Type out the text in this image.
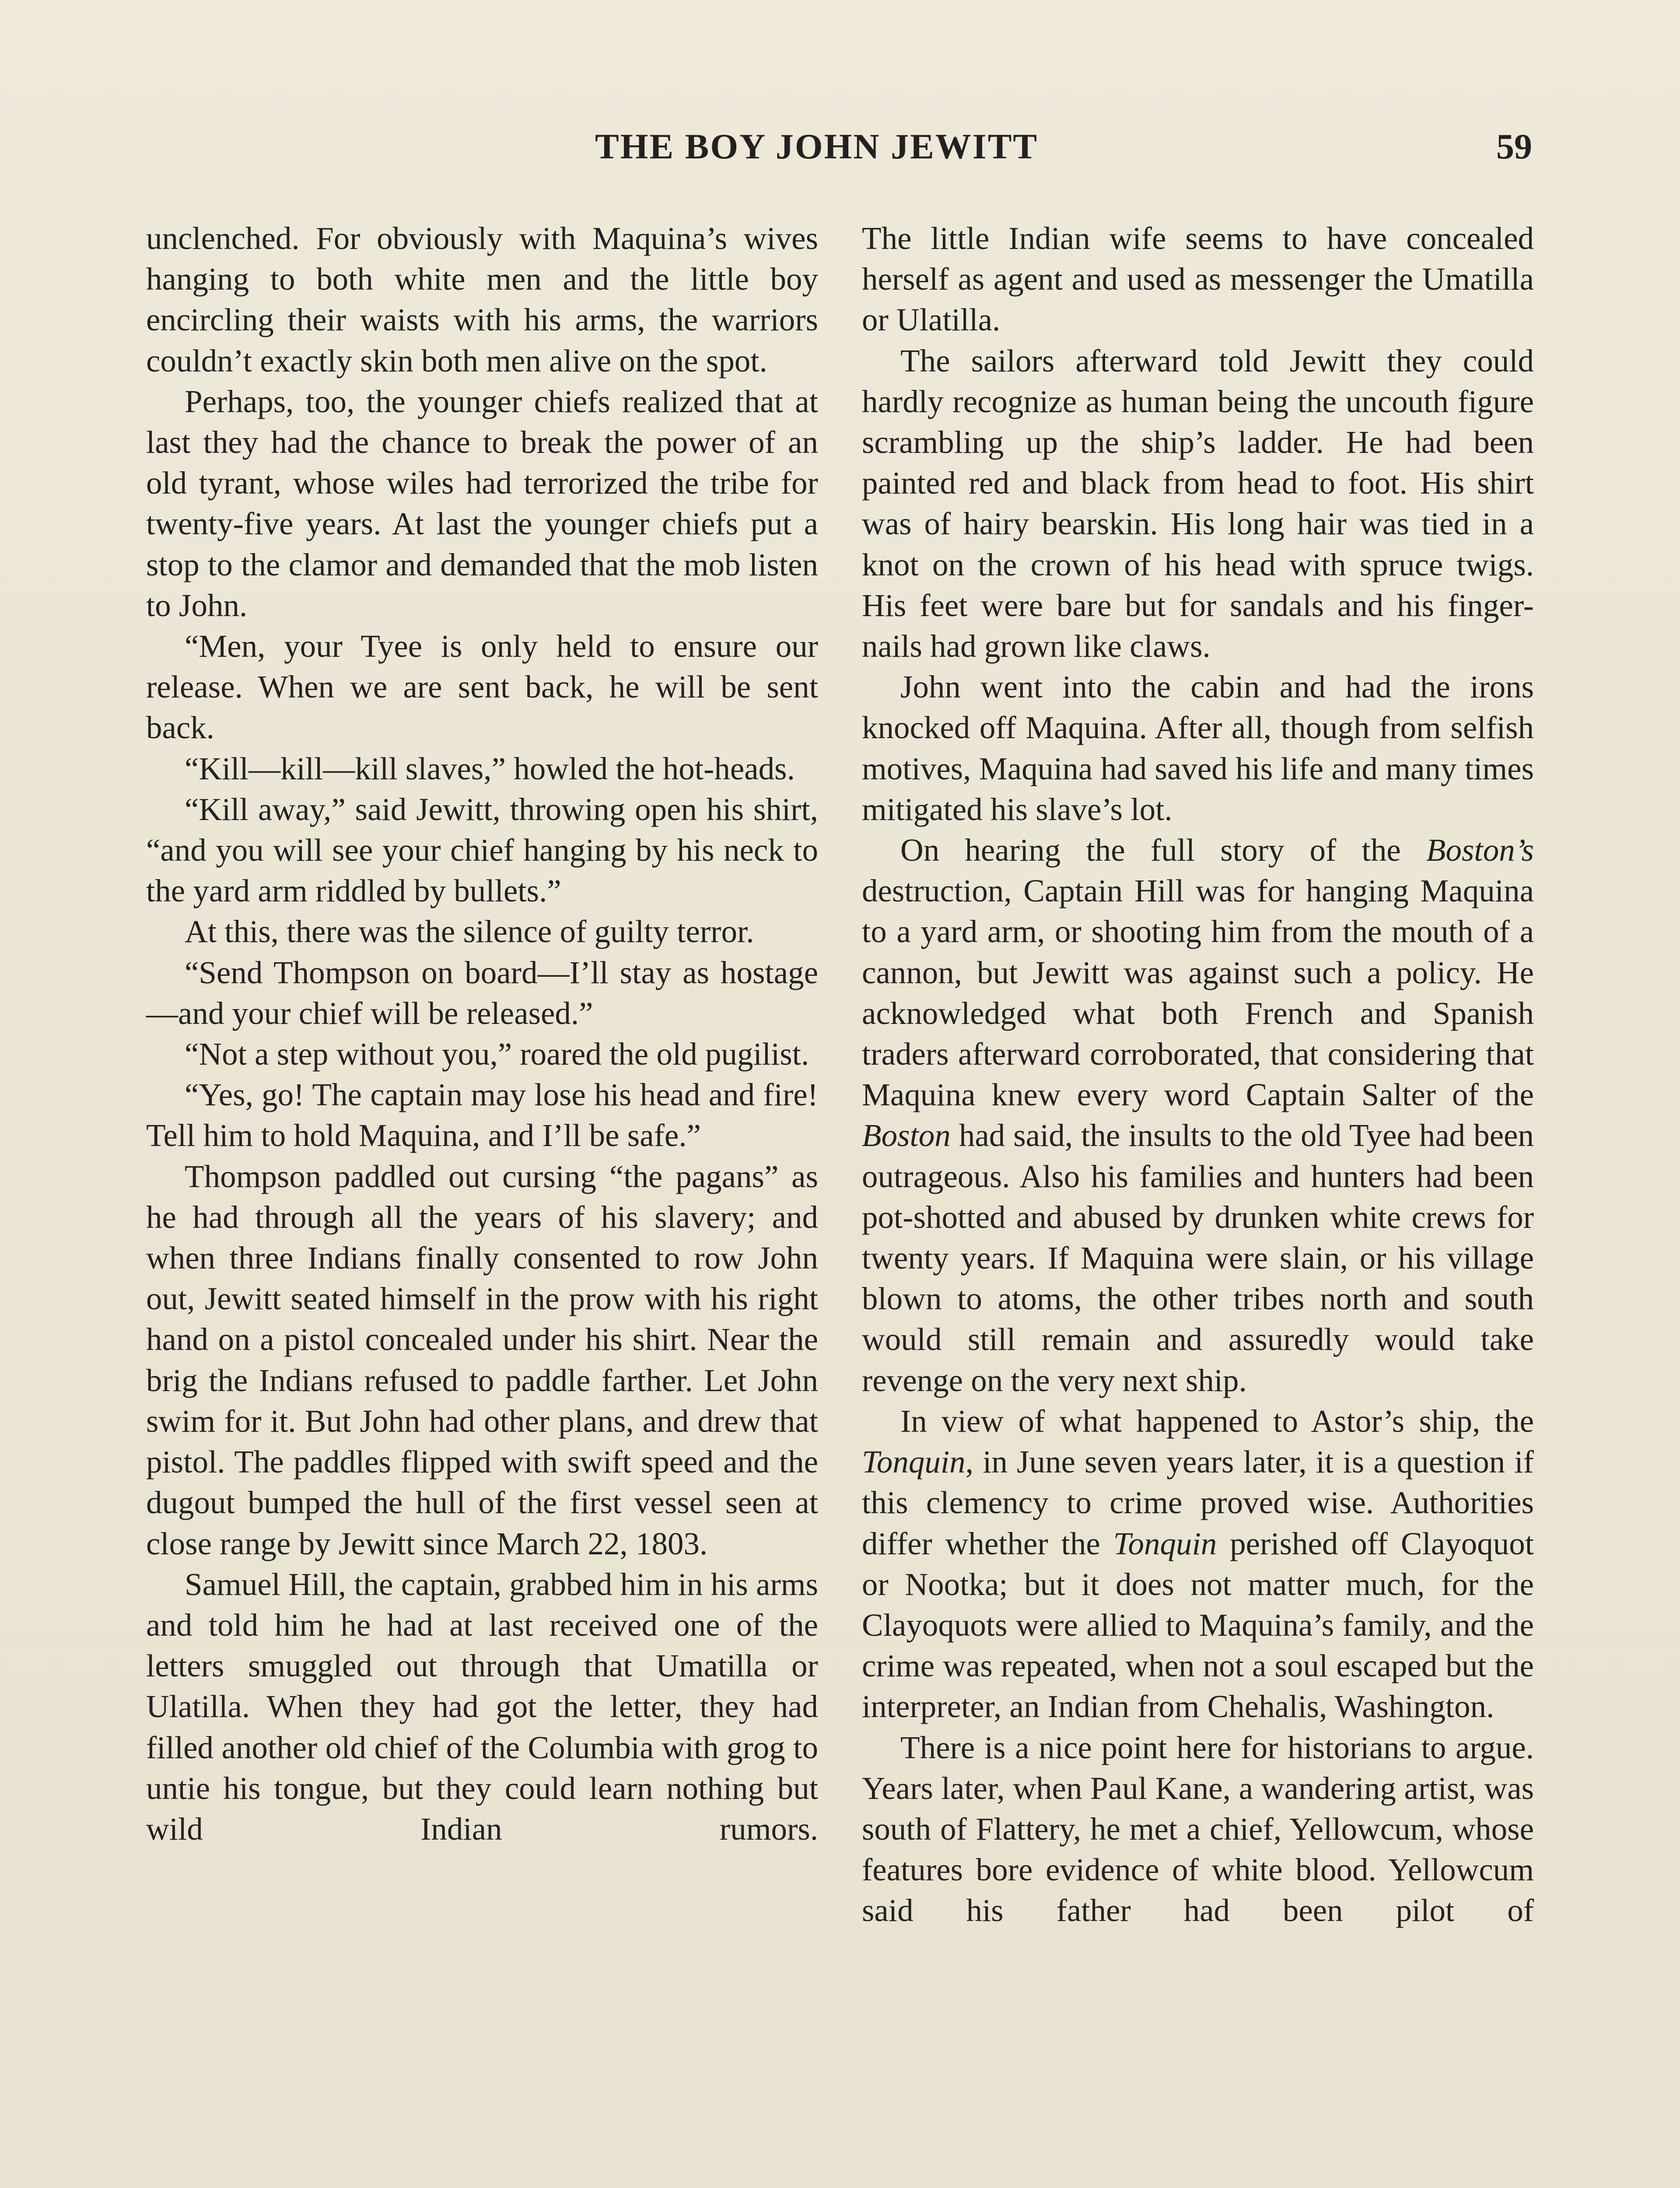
THE BOY JOHN JEWITT	59

unclenched. For obviously with Maquina’s wives hanging to both white men and the little boy encircling their waists with his arms, the warriors couldn’t exactly skin both men alive on the spot.

Perhaps, too, the younger chiefs realized that at last they had the chance to break the power of an old tyrant, whose wiles had terrorized the tribe for twenty-five years. At last the younger chiefs put a stop to the clamor and demanded that the mob listen to John.

“Men, your Tyee is only held to ensure our release. When we are sent back, he will be sent back.

“Kill—kill—kill slaves,” howled the hot-heads.

“Kill away,” said Jewitt, throwing open his shirt, “and you will see your chief hanging by his neck to the yard arm riddled by bullets.”

At this, there was the silence of guilty terror.

“Send Thompson on board—I’ll stay as hostage—and your chief will be released.”

“Not a step without you,” roared the old pugilist.

“Yes, go! The captain may lose his head and fire! Tell him to hold Maquina, and I’ll be safe.”

Thompson paddled out cursing “the pagans” as he had through all the years of his slavery; and when three Indians finally consented to row John out, Jewitt seated himself in the prow with his right hand on a pistol concealed under his shirt. Near the brig the Indians refused to paddle farther. Let John swim for it. But John had other plans, and drew that pistol. The paddles flipped with swift speed and the dugout bumped the hull of the first vessel seen at close range by Jewitt since March 22, 1803.

Samuel Hill, the captain, grabbed him in his arms and told him he had at last received one of the letters smuggled out through that Umatilla or Ulatilla. When they had got the letter, they had filled another old chief of the Columbia with grog to untie his tongue, but they could learn nothing but wild Indian rumors.

The little Indian wife seems to have concealed herself as agent and used as messenger the Umatilla or Ulatilla.

The sailors afterward told Jewitt they could hardly recognize as human being the uncouth figure scrambling up the ship’s ladder. He had been painted red and black from head to foot. His shirt was of hairy bearskin. His long hair was tied in a knot on the crown of his head with spruce twigs. His feet were bare but for sandals and his finger-nails had grown like claws.

John went into the cabin and had the irons knocked off Maquina. After all, though from selfish motives, Maquina had saved his life and many times mitigated his slave’s lot.

On hearing the full story of the Boston’s destruction, Captain Hill was for hanging Maquina to a yard arm, or shooting him from the mouth of a cannon, but Jewitt was against such a policy. He acknowledged what both French and Spanish traders afterward corroborated, that considering that Maquina knew every word Captain Salter of the Boston had said, the insults to the old Tyee had been outrageous. Also his families and hunters had been pot-shotted and abused by drunken white crews for twenty years. If Maquina were slain, or his village blown to atoms, the other tribes north and south would still remain and assuredly would take revenge on the very next ship.

In view of what happened to Astor’s ship, the Tonquin, in June seven years later, it is a question if this clemency to crime proved wise. Authorities differ whether the Tonquin perished off Clayoquot or Nootka; but it does not matter much, for the Clayoquots were allied to Maquina’s family, and the crime was repeated, when not a soul escaped but the interpreter, an Indian from Chehalis, Washington.

There is a nice point here for historians to argue. Years later, when Paul Kane, a wandering artist, was south of Flattery, he met a chief, Yellowcum, whose features bore evidence of white blood. Yellowcum said his father had been pilot of
